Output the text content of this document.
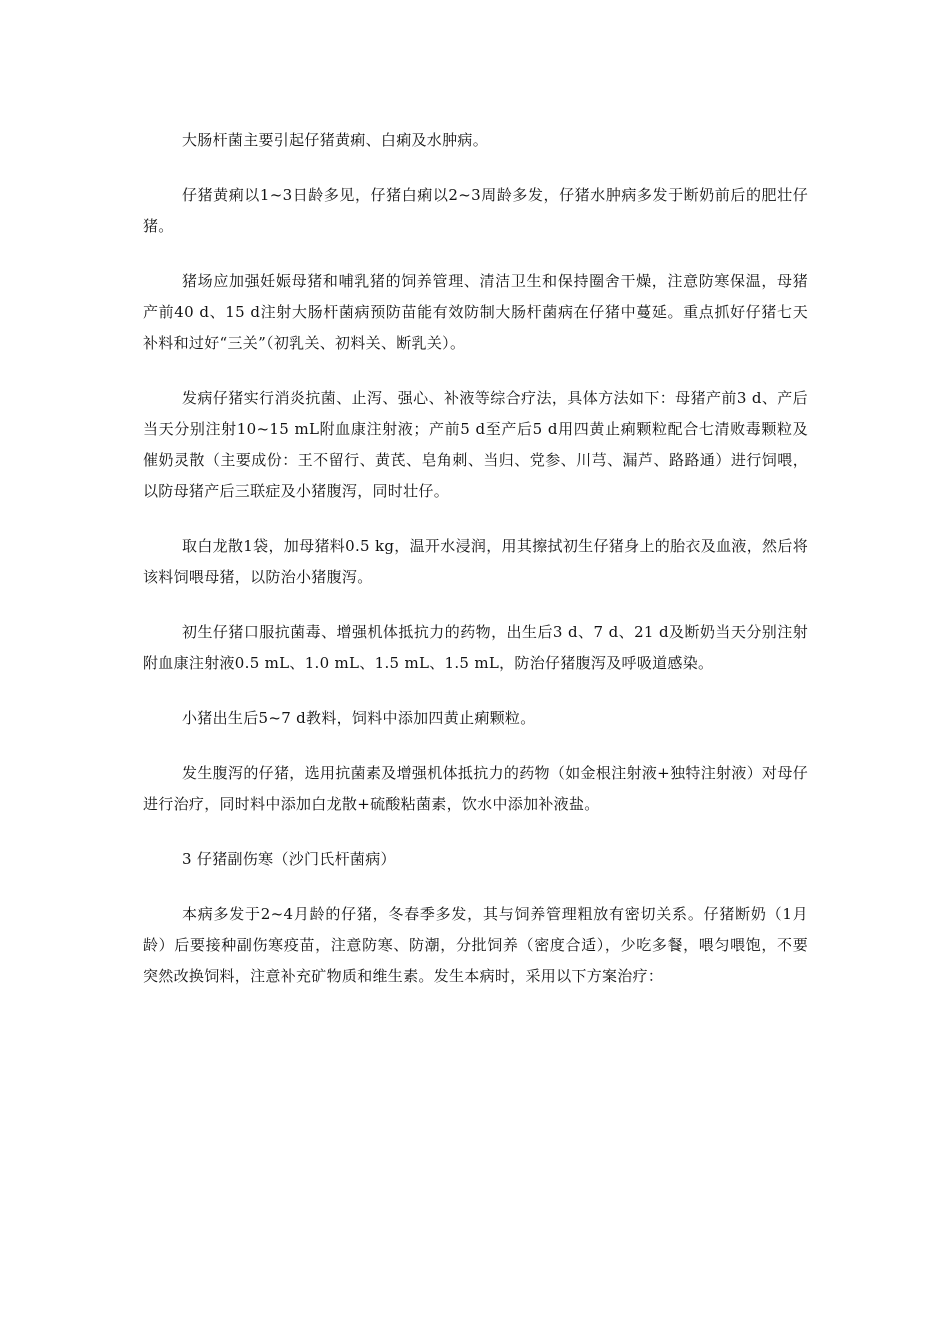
大肠杆菌主要引起仔猪黄痢、白痢及水肿病。

仔猪黄痢以1~3日龄多见，仔猪白痢以2~3周龄多发，仔猪水肿病多发于断奶前后的肥壮仔猪。

猪场应加强妊娠母猪和哺乳猪的饲养管理、清洁卫生和保持圈舍干燥，注意防寒保温，母猪产前40 d、15 d注射大肠杆菌病预防苗能有效防制大肠杆菌病在仔猪中蔓延。重点抓好仔猪七天补料和过好“三关”（初乳关、初料关、断乳关）。

发病仔猪实行消炎抗菌、止泻、强心、补液等综合疗法，具体方法如下：母猪产前3 d、产后当天分别注射10~15 mL附血康注射液；产前5 d至产后5 d用四黄止痢颗粒配合七清败毒颗粒及催奶灵散（主要成份：王不留行、黄芪、皂角刺、当归、党参、川芎、漏芦、路路通）进行饲喂，以防母猪产后三联症及小猪腹泻，同时壮仔。

取白龙散1袋，加母猪料0.5 kg，温开水浸润，用其擦拭初生仔猪身上的胎衣及血液，然后将该料饲喂母猪，以防治小猪腹泻。

初生仔猪口服抗菌毒、增强机体抵抗力的药物，出生后3 d、7 d、21 d及断奶当天分别注射附血康注射液0.5 mL、1.0 mL、1.5 mL、1.5 mL，防治仔猪腹泻及呼吸道感染。

小猪出生后5~7 d教料，饲料中添加四黄止痢颗粒。

发生腹泻的仔猪，选用抗菌素及增强机体抵抗力的药物（如金根注射液+独特注射液）对母仔进行治疗，同时料中添加白龙散+硫酸粘菌素，饮水中添加补液盐。

3 仔猪副伤寒（沙门氏杆菌病）

本病多发于2~4月龄的仔猪，冬春季多发，其与饲养管理粗放有密切关系。仔猪断奶（1月龄）后要接种副伤寒疫苗，注意防寒、防潮，分批饲养（密度合适），少吃多餐，喂匀喂饱，不要突然改换饲料，注意补充矿物质和维生素。发生本病时，采用以下方案治疗：
